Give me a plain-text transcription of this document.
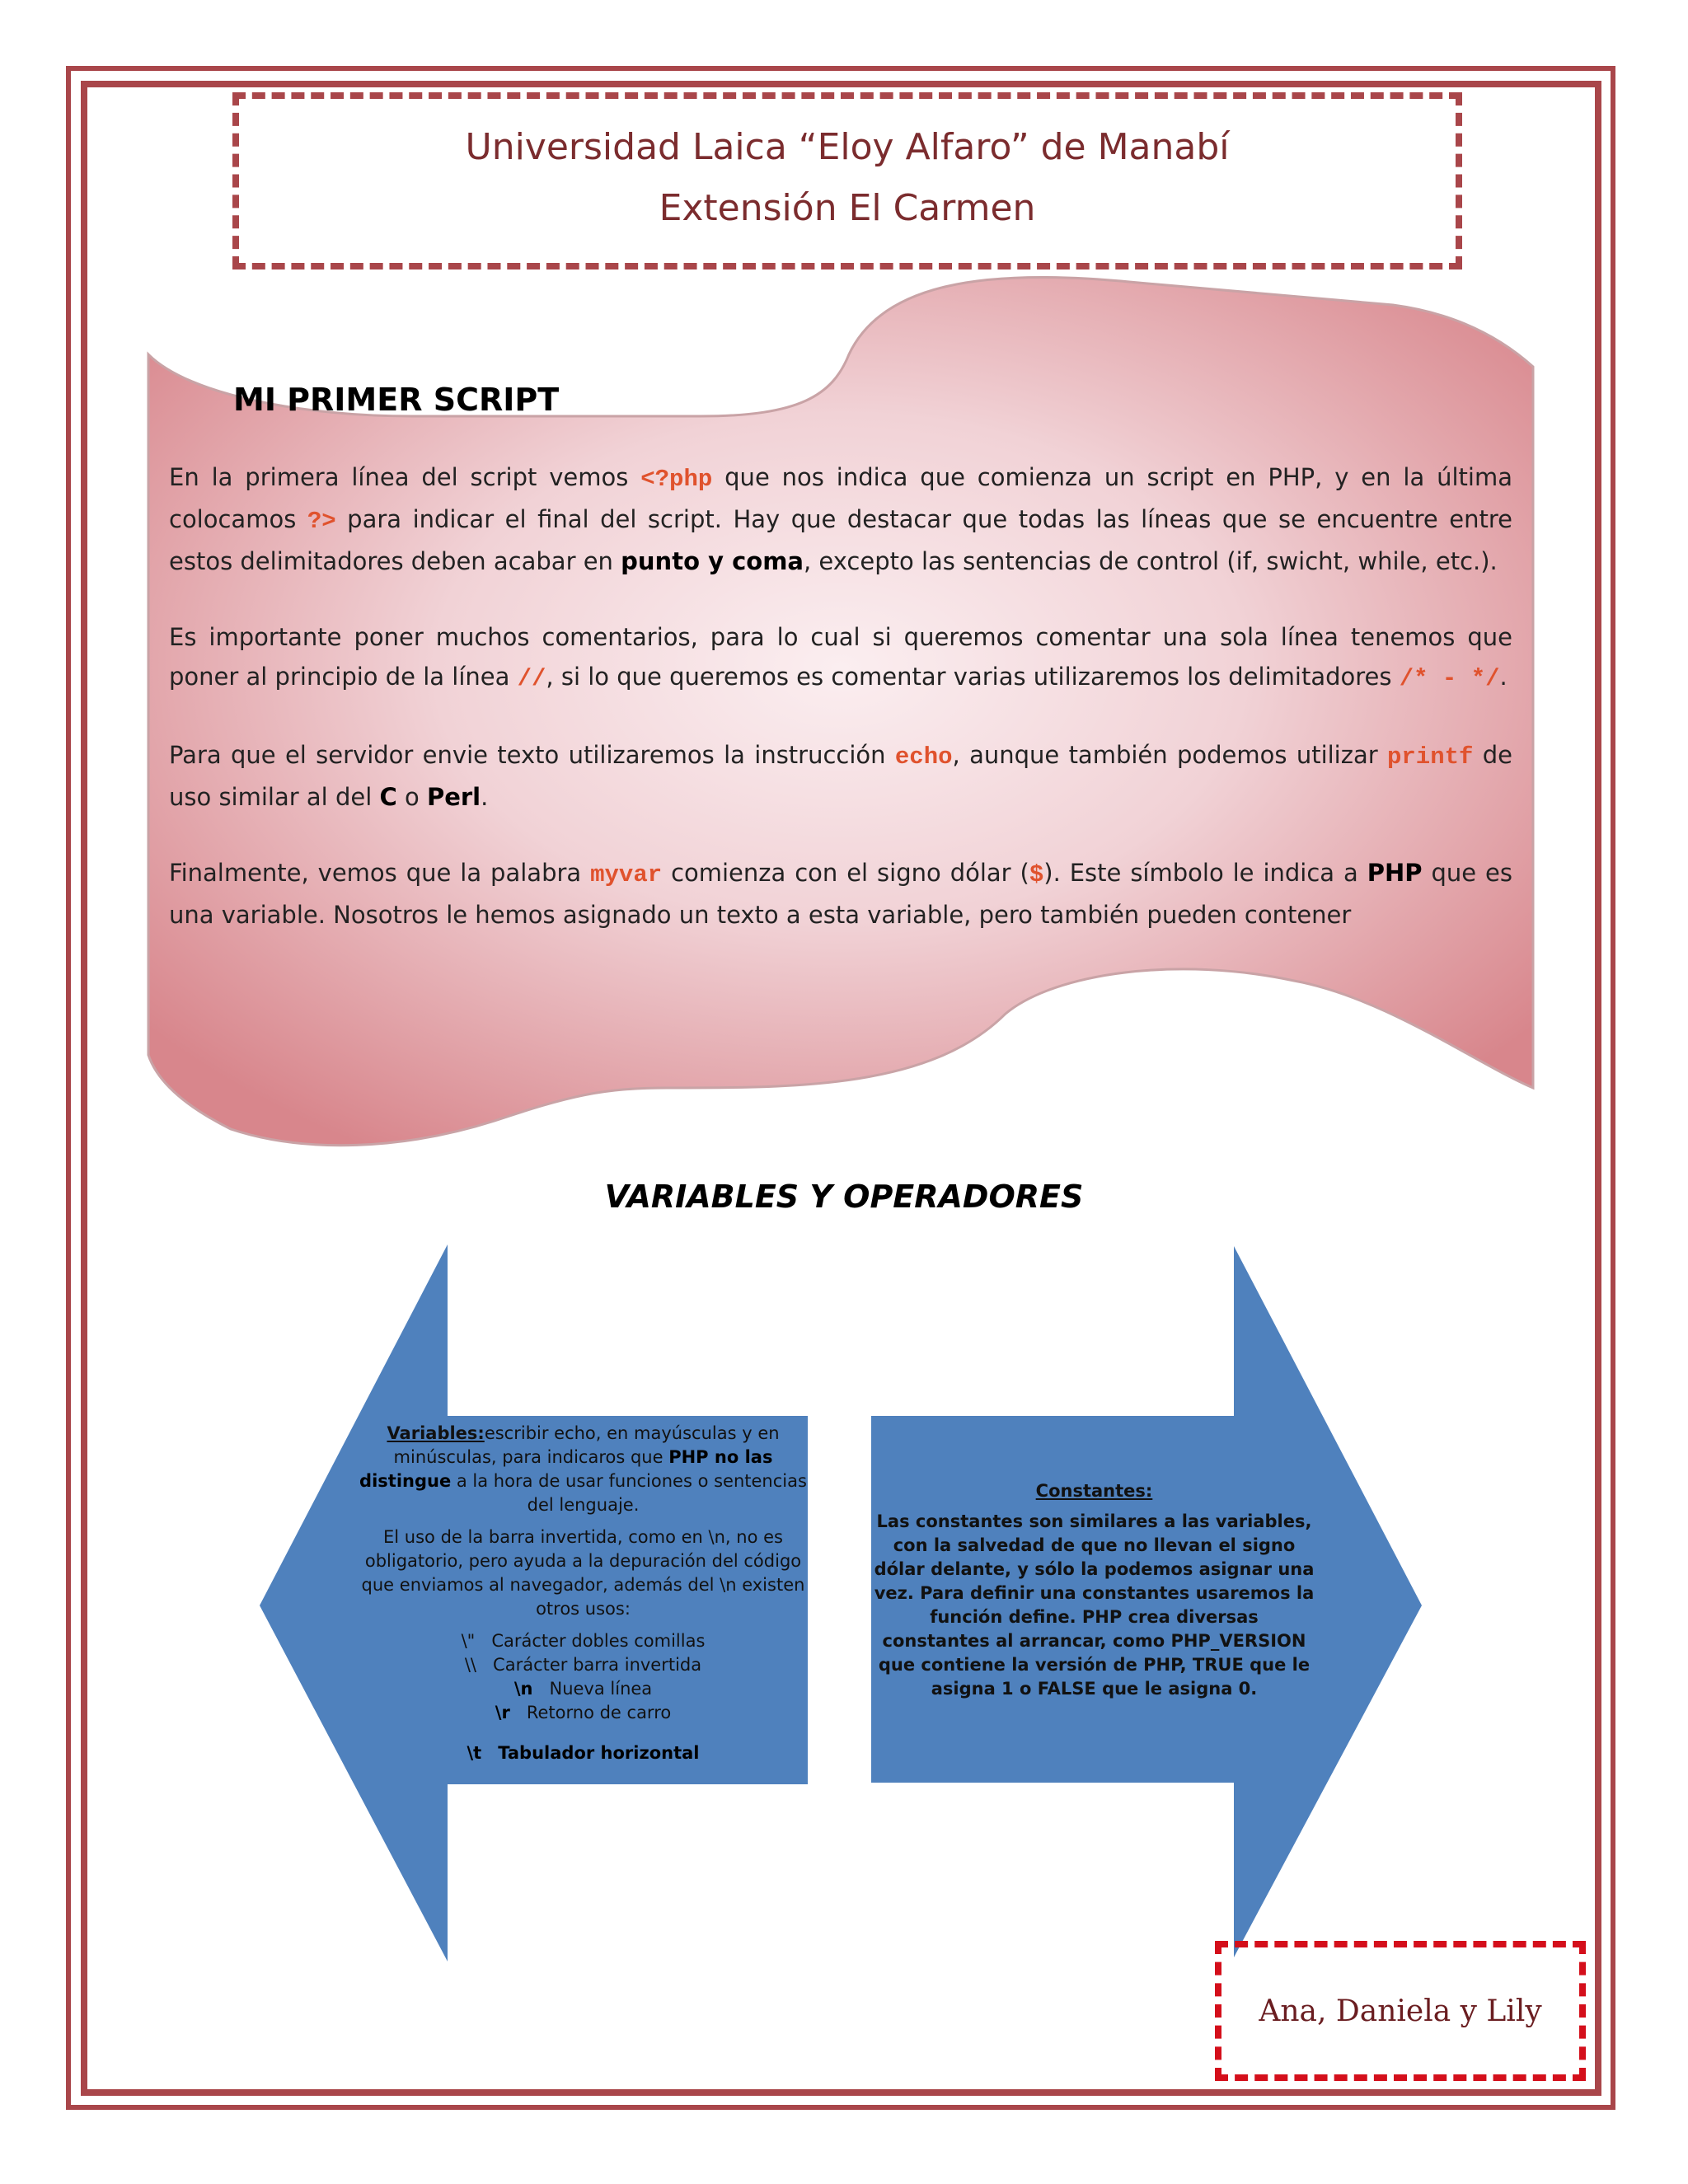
Universidad Laica “Eloy Alfaro” de Manabí
Extensión El Carmen
MI PRIMER SCRIPT

En la primera línea del script vemos <?php que nos indica que comienza un script en PHP, y en la última colocamos ?> para indicar el final del script. Hay que destacar que todas las líneas que se encuentre entre estos delimitadores deben acabar en punto y coma, excepto las sentencias de control (if, swicht, while, etc.).

Es importante poner muchos comentarios, para lo cual si queremos comentar una sola línea tenemos que poner al principio de la línea //, si lo que queremos es comentar varias utilizaremos los delimitadores /* - */.

Para que el servidor envie texto utilizaremos la instrucción echo, aunque también podemos utilizar printf de uso similar al del C o Perl.

Finalmente, vemos que la palabra myvar comienza con el signo dólar ($). Este símbolo le indica a PHP que es una variable. Nosotros le hemos asignado un texto a esta variable, pero también pueden contener

VARIABLES Y OPERADORES

Variables:escribir echo, en mayúsculas y en minúsculas, para indicaros que PHP no las distingue a la hora de usar funciones o sentencias del lenguaje.

El uso de la barra invertida, como en \n, no es obligatorio, pero ayuda a la depuración del código que enviamos al navegador, además del \n existen otros usos:

\" Carácter dobles comillas
\\ Carácter barra invertida
\n Nueva línea
\r Retorno de carro
\t Tabulador horizontal

Constantes:

Las constantes son similares a las variables, con la salvedad de que no llevan el signo dólar delante, y sólo la podemos asignar una vez. Para definir una constantes usaremos la función define. PHP crea diversas constantes al arrancar, como PHP_VERSION que contiene la versión de PHP, TRUE que le asigna 1 o FALSE que le asigna 0.

Ana, Daniela y Lily
